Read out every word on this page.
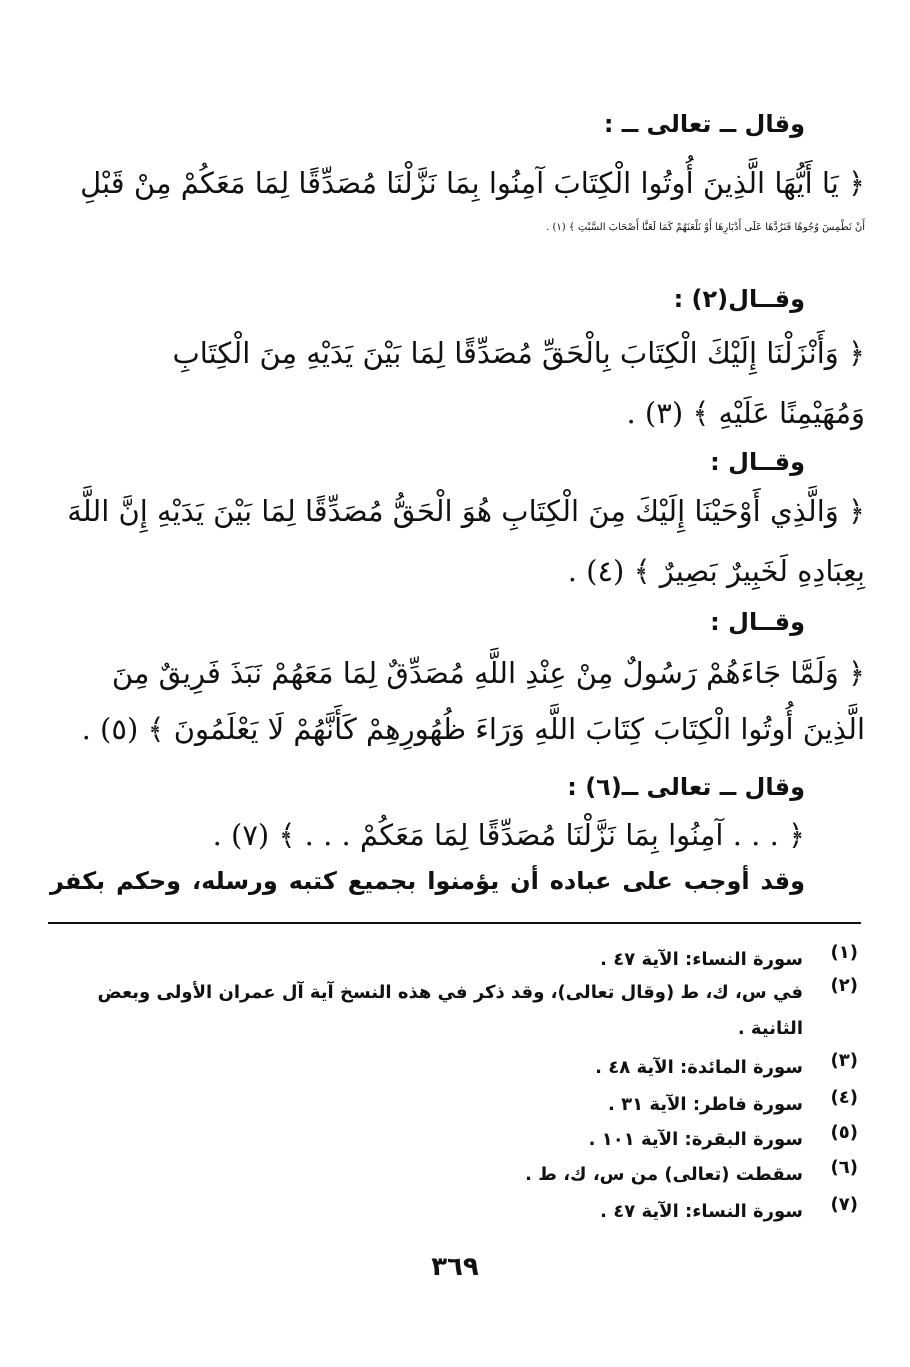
وقال ــ تعالى ــ :
﴿ يَا أَيُّهَا الَّذِينَ أُوتُوا الْكِتَابَ آمِنُوا بِمَا نَزَّلْنَا مُصَدِّقًا لِمَا مَعَكُمْ مِنْ قَبْلِ
أَنْ نَطْمِسَ وُجُوهًا فَنَرُدَّهَا عَلَى أَدْبَارِهَا أَوْ نَلْعَنَهُمْ كَمَا لَعَنَّا أَصْحَابَ السَّبْتِ ﴾ (١) .
وقــال(٢) :
﴿ وَأَنْزَلْنَا إِلَيْكَ الْكِتَابَ بِالْحَقِّ مُصَدِّقًا لِمَا بَيْنَ يَدَيْهِ مِنَ الْكِتَابِ
وَمُهَيْمِنًا عَلَيْهِ ﴾ (٣) .
وقــال :
﴿ وَالَّذِي أَوْحَيْنَا إِلَيْكَ مِنَ الْكِتَابِ هُوَ الْحَقُّ مُصَدِّقًا لِمَا بَيْنَ يَدَيْهِ إِنَّ اللَّهَ
بِعِبَادِهِ لَخَبِيرٌ بَصِيرٌ ﴾ (٤) .
وقــال :
﴿ وَلَمَّا جَاءَهُمْ رَسُولٌ مِنْ عِنْدِ اللَّهِ مُصَدِّقٌ لِمَا مَعَهُمْ نَبَذَ فَرِيقٌ مِنَ
الَّذِينَ أُوتُوا الْكِتَابَ كِتَابَ اللَّهِ وَرَاءَ ظُهُورِهِمْ كَأَنَّهُمْ لَا يَعْلَمُونَ ﴾ (٥) .
وقال ــ تعالى ــ(٦) :
﴿ . . . آمِنُوا بِمَا نَزَّلْنَا مُصَدِّقًا لِمَا مَعَكُمْ . . . ﴾ (٧) .
وقد أوجب على عباده أن يؤمنوا بجميع كتبه ورسله، وحكم بكفر
(١)
سورة النساء: الآية ٤٧ .
(٢)
في س، ك، ط (وقال تعالى)، وقد ذكر في هذه النسخ آية آل عمران الأولى وبعض الثانية .
(٣)
سورة المائدة: الآية ٤٨ .
(٤)
سورة فاطر: الآية ٣١ .
(٥)
سورة البقرة: الآية ١٠١ .
(٦)
سقطت (تعالى) من س، ك، ط .
(٧)
سورة النساء: الآية ٤٧ .
٣٦٩
